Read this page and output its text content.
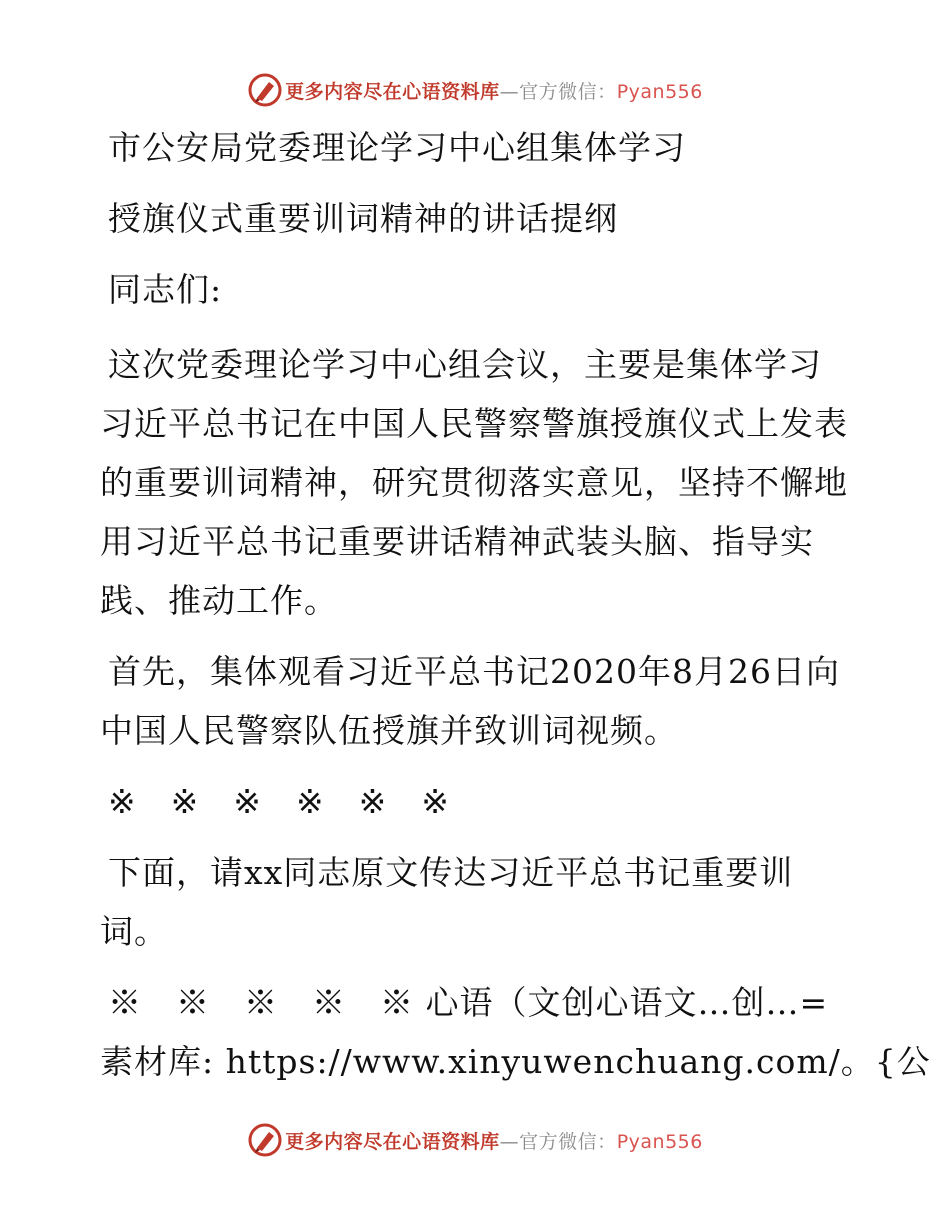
更多内容尽在心语资料库—官方微信：Pyan556
市公安局党委理论学习中心组集体学习
授旗仪式重要训词精神的讲话提纲
同志们:
这次党委理论学习中心组会议，主要是集体学习
习近平总书记在中国人民警察警旗授旗仪式上发表
的重要训词精神，研究贯彻落实意见，坚持不懈地
用习近平总书记重要讲话精神武装头脑、指导实
践、推动工作。
首先，集体观看习近平总书记2020年8月26日向
中国人民警察队伍授旗并致训词视频。
※　※　※　※　※　※
下面，请xx同志原文传达习近平总书记重要训
词。
※　※　※　※　※ 心语（文创心语文…创…=
素材库: https://www.xinyuwenchuang.com/。{公
更多内容尽在心语资料库—官方微信：Pyan556
